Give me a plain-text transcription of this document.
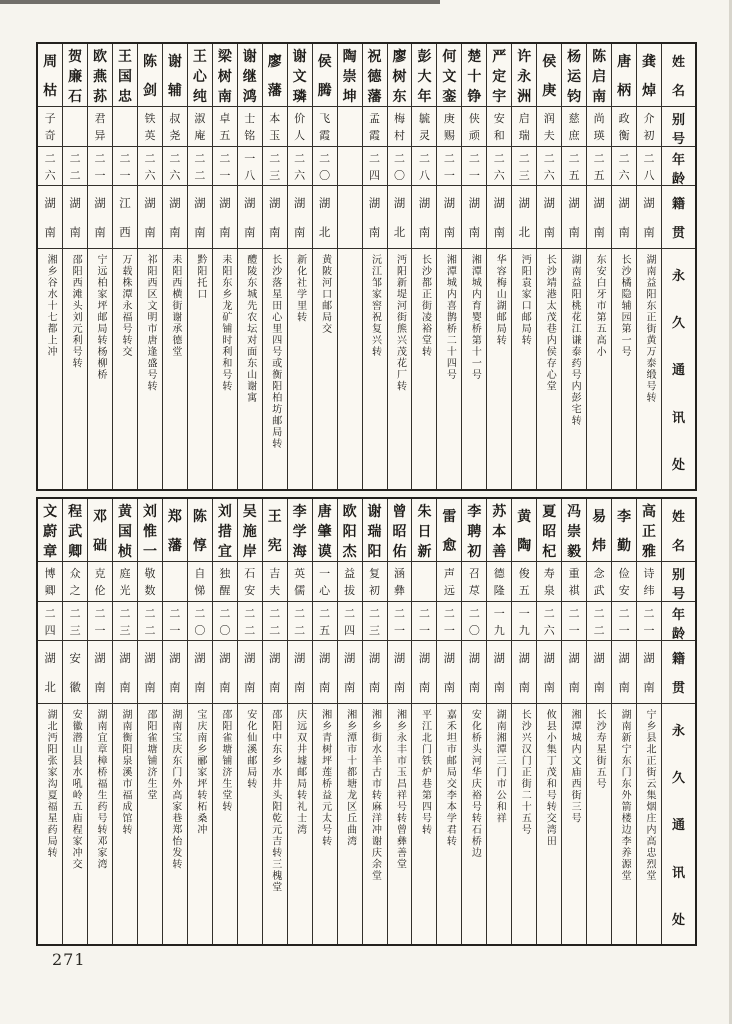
姓
名
别
号
年
龄
籍
贯
永
久
通
讯
处
龚
焯
介
初
二
八
湖
南
湖南益阳东正街黄万泰缎号转
唐
柄
政
衡
二
六
湖
南
长沙橘隐辅园第一号
陈
启
南
尚
瑛
二
五
湖
南
东安白牙市第五高小
杨
运
钧
慈
庶
二
五
湖
南
湖南益阳桃花江谦泰药号内彭宅转
侯
庚
润
夫
二
六
湖
南
长沙靖港太茂巷内侯存心堂
许
永
洲
启
瑞
二
三
湖
北
沔阳袁家口邮局转
严
定
宇
安
和
二
六
湖
南
华容梅山湖邮局转
楚
十
铮
侠
顽
二
一
湖
南
湘潭城内育婴桥第十一号
何
文
銮
庚
赐
二
一
湖
南
湘潭城内喜鹊桥二十四号
彭
大
年
毓
灵
二
八
湖
南
长沙都正街凌裕堂转
廖
树
东
梅
村
二
〇
湖
北
沔阳新堤河街熊兴茂花厂转
祝
德
藩
孟
霞
二
四
湖
南
沅江邹家窖祝复兴转
陶
崇
坤
侯
腾
飞
霞
二
〇
湖
北
黄陂河口邮局交
谢
文
璘
价
人
二
六
湖
南
新化社学里转
廖
藩
本
玉
二
三
湖
南
长沙落星田心里四号或衡阳柏坊邮局转
谢
继
鸿
士
铭
一
八
湖
南
醴陵东城先农坛对面东山谢寓
梁
树
南
卓
五
二
一
湖
南
耒阳东乡龙矿铺时利和号转
王
心
纯
淑
庵
二
二
湖
南
黔阳托口
谢
辅
叔
尧
二
六
湖
南
耒阳西横街谢承德堂
陈
剑
铁
英
二
六
湖
南
祁阳西区文明市唐逢盛号转
王
国
忠
二
一
江
西
万载株潭永福号转交
欧
燕
荪
君
异
二
一
湖
南
宁远柏家坪邮局转杨柳桥
贺
廉
石
二
二
湖
南
邵阳西滩头刘元利号转
周
枯
子
奇
二
六
湖
南
湘乡谷水十七都上冲
姓
名
别
号
年
龄
籍
贯
永
久
通
讯
处
高
正
雅
诗
纬
二
一
湖
南
宁乡县北正街云集烟庄内高忠烈堂
李
勤
俭
安
二
一
湖
南
湖南新宁东门东外箭楼边李养源堂
易
炜
念
武
二
二
湖
南
长沙寿星街五号
冯
崇
毅
重
祺
二
一
湖
南
湘潭城内文庙西街三号
夏
昭
杞
寿
泉
二
六
湖
南
攸县小集丁茂和号转交湾田
黄
陶
俊
五
一
九
湖
南
长沙兴汉门正街二十五号
苏
本
善
德
隆
一
九
湖
南
湖南湘潭三门市公和祥
李
聘
初
召
荩
二
〇
湖
南
安化桥头河华庆裕号转石桥边
雷
愈
声
远
二
一
湖
南
嘉禾坦市邮局交李本学君转
朱
日
新
二
一
湖
南
平江北门铁炉巷第四号转
曾
昭
佑
涵
彝
二
一
湖
南
湘乡永丰市玉昌祥号转曾彝善堂
谢
瑞
阳
复
初
二
三
湖
南
湘乡街水羊古市转麻洋冲谢庆余堂
欧
阳
杰
益
拔
二
四
湖
南
湘乡潭市十都塘龙区丘曲湾
唐
肇
谟
一
心
二
五
湖
南
湘乡青树坪莲桥益元太号转
李
学
海
英
儒
二
二
湖
南
庆远双井墟邮局转礼士湾
王
宪
吉
夫
二
二
湖
南
邵阳中东乡水井头阳乾元吉转三槐堂
吴
施
岸
石
安
二
二
湖
南
安化仙溪邮局转
刘
措
宜
独
醒
二
〇
湖
南
邵阳雀塘铺济生堂转
陈
惇
自
悌
二
〇
湖
南
宝庆南乡郦家坪转柘桑冲
郑
藩
二
一
湖
南
湖南宝庆东门外高家巷郑怡发转
刘
惟
一
敬
数
二
二
湖
南
邵阳雀塘铺济生堂
黄
国
桢
庭
光
二
三
湖
南
湖南衡阳泉溪市福成馆转
邓
础
克
伦
二
一
湖
南
湖南宜章樟桥福生药号转邓家湾
程
武
卿
众
之
二
三
安
徽
安徽潜山县水吼岭五庙程家冲交
文
蔚
章
博
卿
二
四
湖
北
湖北沔阳张家沟夏福星药局转
271
